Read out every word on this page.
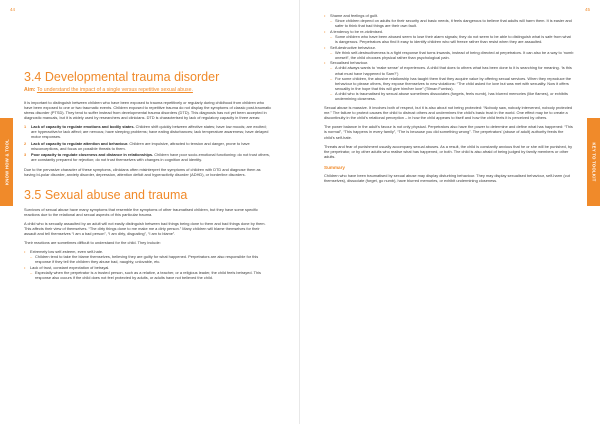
44
KNOW HOW & TOOL
3.4 Developmental trauma disorder
Aim: To understand the impact of a single versus repetitive sexual abuse.

It is important to distinguish between children who have been exposed to trauma repetitively or regularly during childhood from children who have been exposed to one or two traumatic events. Children exposed to repetitive trauma do not display the symptoms of classic post-traumatic stress disorder (PTSD). They tend to suffer instead from developmental trauma disorders (DTD). This diagnosis has not yet been accepted in diagnostic manuals, but it is widely used by researchers and clinicians. DTD is characterised by lack of regulatory capacity in three areas:

1 Lack of capacity to regulate emotions and bodily states. Children shift quickly between affective states; have low moods; are excited; are hyperactive/or lack affect; are nervous; have sleeping problems; have eating disturbances; lack temperature awareness; have delayed motor responses.
2 Lack of capacity to regulate attention and behaviour. Children are impulsive, attracted to tension and danger, prone to have misconceptions, and focus on possible threats to them.
3 Poor capacity to regulate closeness and distance in relationships. Children have poor socio-emotional functioning: do not trust others, are constantly prepared for rejection; do not trust themselves with changes in cognition and identity.

Due to the pervasive character of these symptoms, clinicians often misinterpret the symptoms of children with DTD and diagnose them as having bi-polar disorder, anxiety disorder, depression, attention deficit and hyperactivity disorder (ADHD), or borderline disorders.

3.5 Sexual abuse and trauma

Survivors of sexual abuse have many symptoms that resemble the symptoms of other traumatised children, but they have some specific reactions due to the relational and sexual aspects of this particular trauma.

A child who is sexually assaulted by an adult will not easily distinguish between bad things being done to them and bad things done by them. This affects their view of themselves. “The dirty things done to me make me a dirty person.” Many children will blame themselves for their assault and tell themselves “I am a bad person”, “I am dirty, disgusting”, “I am to blame”.

Their reactions are sometimes difficult to understand for the child. They include:

• Extremely low self-esteem, even self-hate.
– Children tend to take the blame themselves, believing they are guilty for what happened. Perpetrators are also responsible for this response if they tell the children they abuse bad, naughty, unlovable, etc.
• Lack of trust, constant expectation of betrayal.
– Especially when the perpetrator is a trusted person, such as a relative, a teacher, or a religious leader, the child feels betrayed. This response also occurs if the child does not feel protected by adults, or adults have not believed the child.
45
KEY TO TOOLKIT
• Shame and feelings of guilt.
– Since children depend on adults for their security and basic needs, it feels dangerous to believe that adults will harm them. It is easier and safer to think that bad things are their own fault.
• A tendency to be re-victimised.
– Some children who have been abused seem to lose their alarm signals; they do not seem to be able to distinguish what is safe from what is dangerous. Perpetrators also find it easy to identify children who will freeze rather than resist when they are assaulted.
• Self-destructive behaviour.
– We think self-destructiveness is a fight response that turns inwards, instead of being directed at perpetrators. It can also be a way to ‘numb oneself’, the child chooses physical rather than psychological pain.
• Sexualised behaviour.
– A child always wants to ‘make sense’ of experiences. A child that does to others what has been done to it is searching for meaning. ‘Is this what must have happened to Sam?’)
– For some children, the abusive relationship has taught them that they acquire value by offering sexual services. When they reproduce the behaviour to please others, they expose themselves to new violations: “The child asked for love but was met with sexuality. Now it offers sexuality in the hope that this will give him/her love” (Tilman Furniss).
– A child who is traumatised by sexual abuse sometimes dissociates (forgets, feels numb), has blurred memories (like flames), or exhibits undermining closeness.

Sexual abuse is massive. It involves both of respect, but it is also about not being protected: “Nobody saw, nobody intervened, nobody protected me.” The failure to protect causes the child to distrust others and undermines the child’s basic trust in the world. One effect may be to create a discontinuity in the child’s relational perception – in how the child appears to itself and how the child feels it is perceived by others.

The power balance in the adult’s favour is not only physical. Perpetrators also have the power to determine and define what has happened: “This is normal”, “This happens in every family”, “The is because you did something wrong”. The perpetrators’ (abuse of adult) authority feeds the child’s self-hate.

Threats and fear of punishment usually accompany sexual abuses. As a result, the child is constantly anxious that he or she will be punished, by the perpetrator, or by other adults who realise what has happened, or both. The child is also afraid of being judged by family members or other adults.

Summary

Children who have been traumatised by sexual abuse may display disturbing behaviour. They may display sexualised behaviour, self-harm (cut themselves), dissociate (forget, go numb), have blurred memories, or exhibit undermining closeness.
